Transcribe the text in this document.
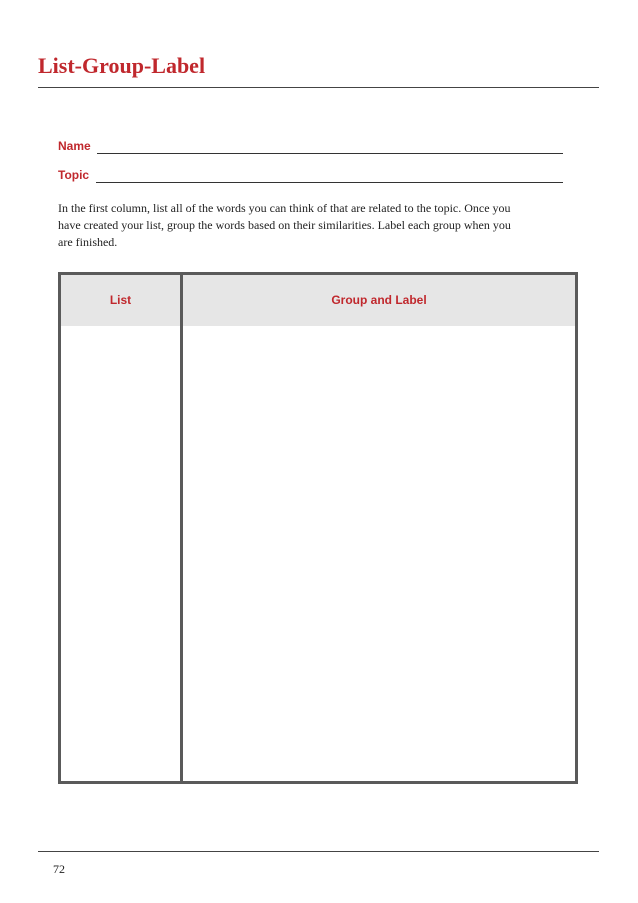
List-Group-Label
Name
Topic
In the first column, list all of the words you can think of that are related to the topic. Once you have created your list, group the words based on their similarities. Label each group when you are finished.
List	Group and Label
72
